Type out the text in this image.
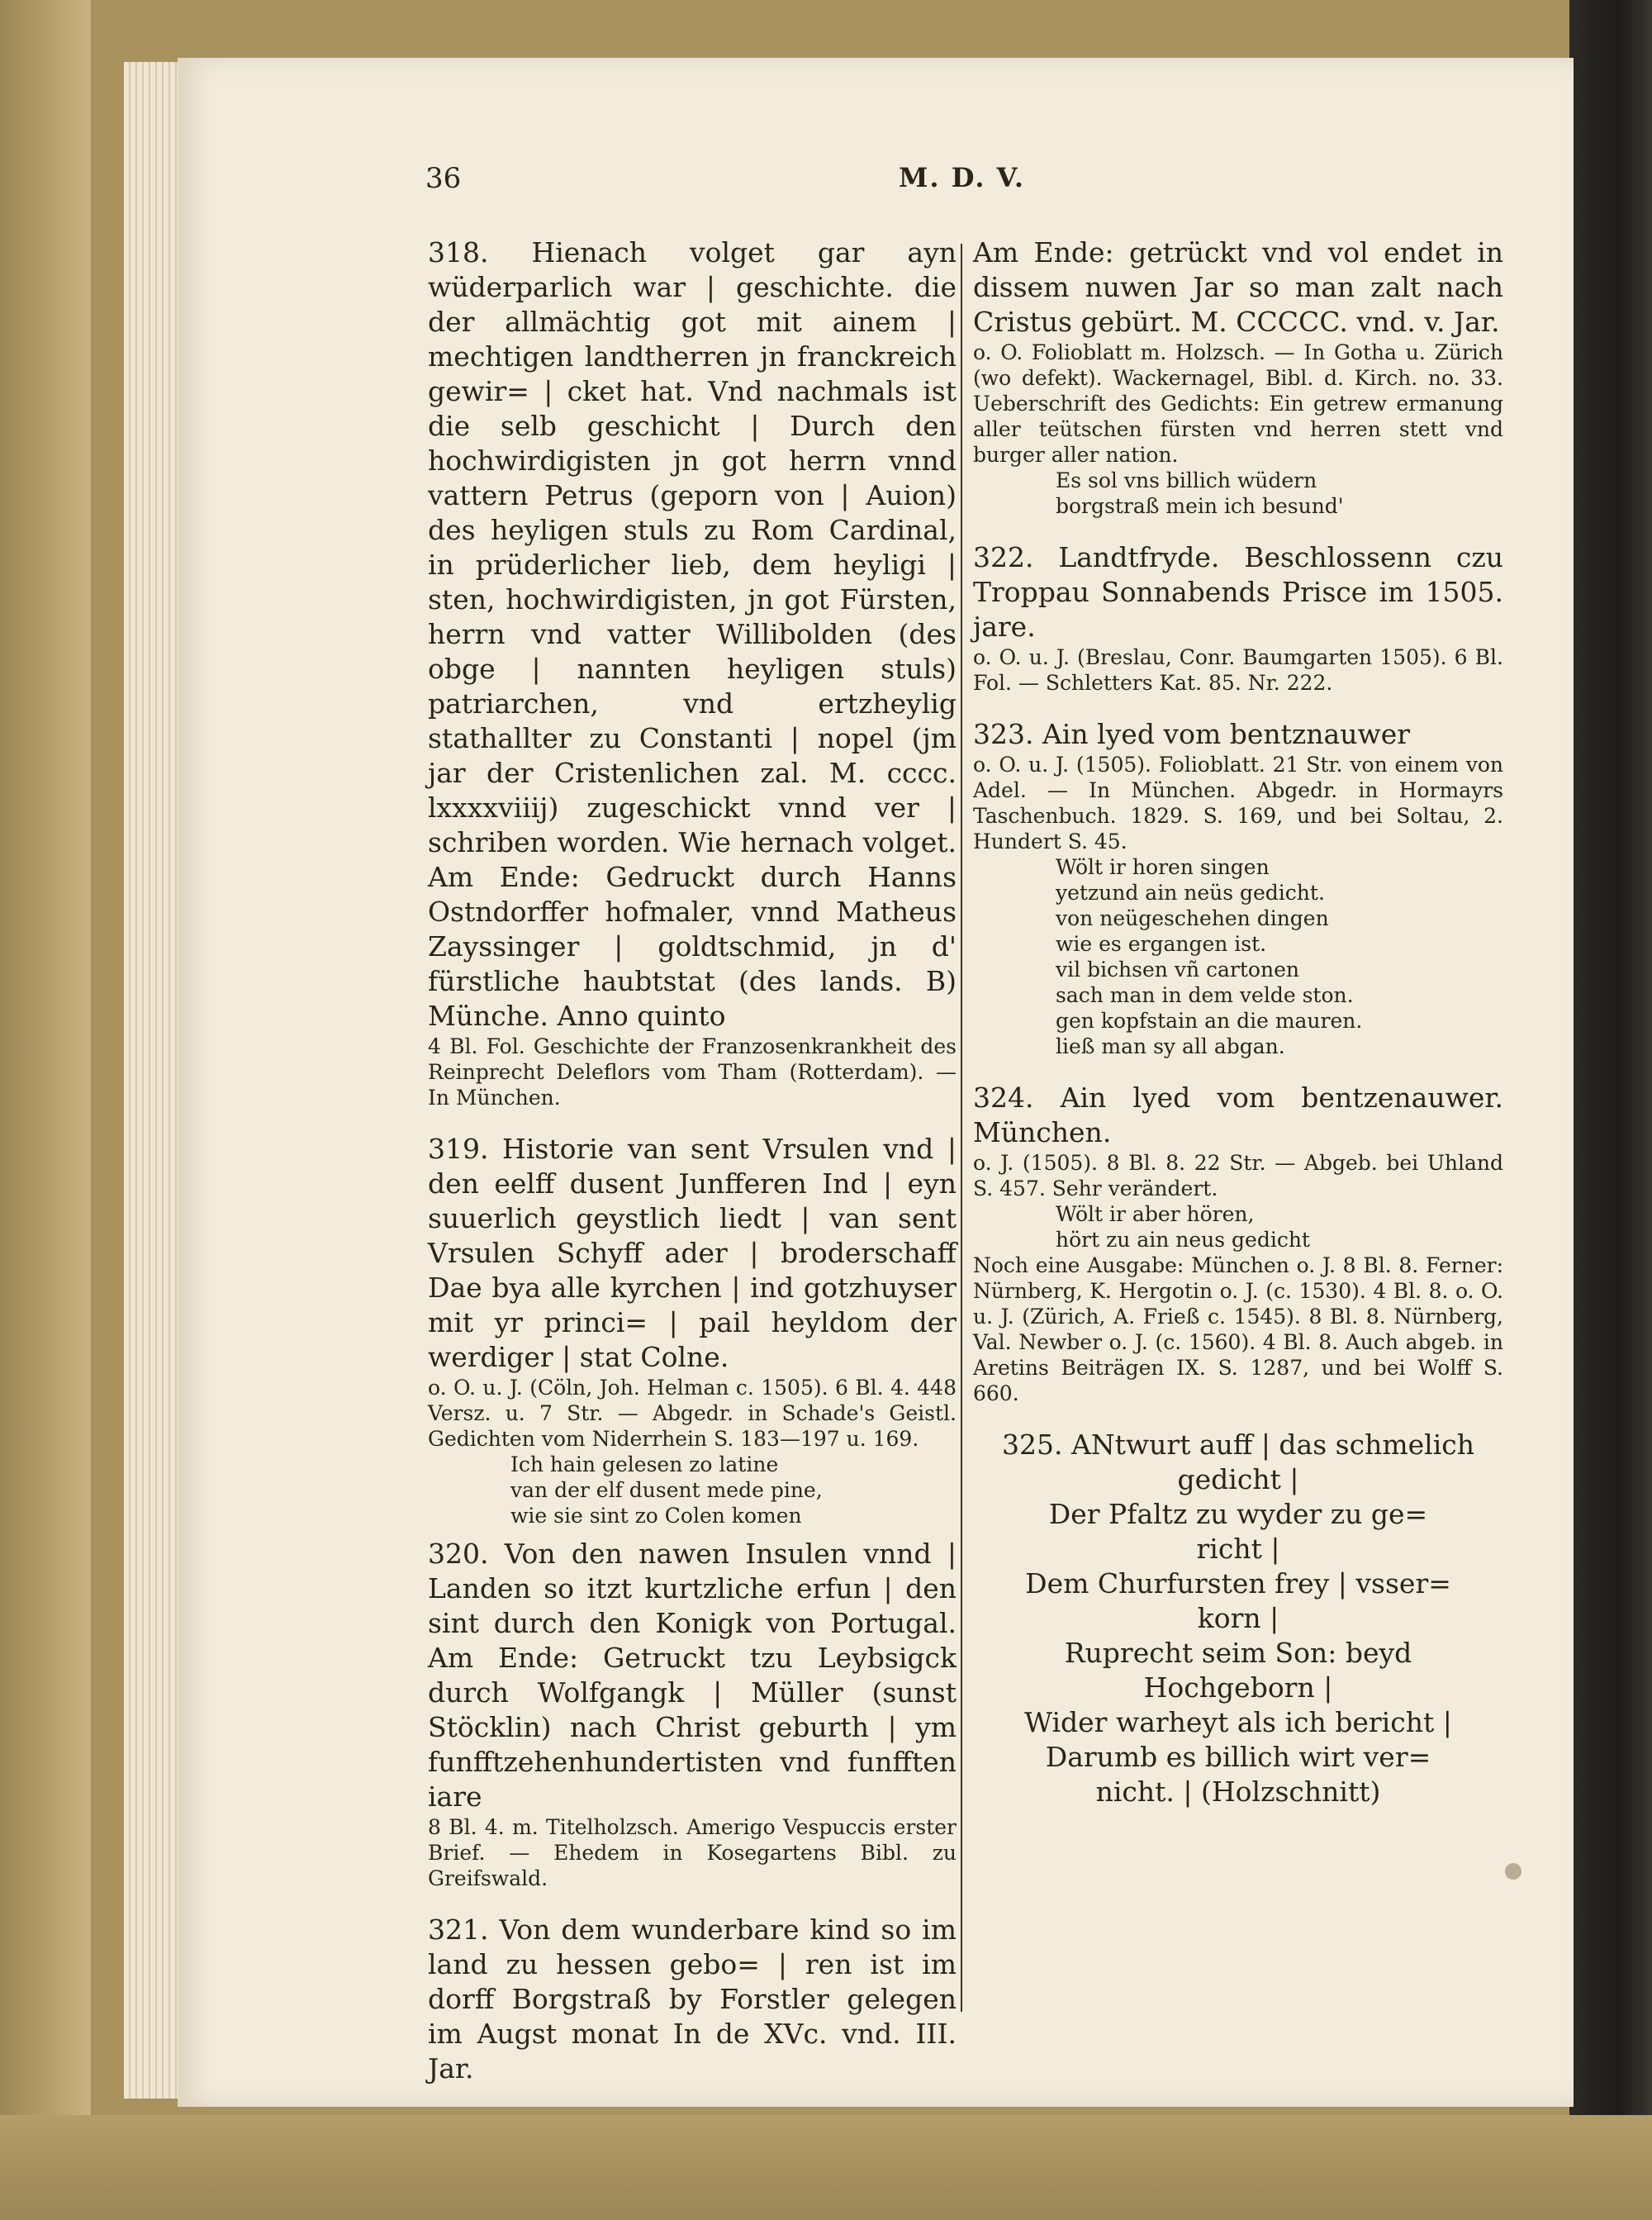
36	M. D. V.

318. Hienach volget gar ayn wüderparlich war | geschichte. die der allmächtig got mit ainem | mechtigen landtherren jn franckreich gewir= | cket hat. Vnd nachmals ist die selb geschicht | Durch den hochwirdigisten jn got herrn vnnd vattern Petrus (geporn von | Auion) des heyligen stuls zu Rom Cardinal, in prüderlicher lieb, dem heyligi | sten, hochwirdigisten, jn got Fürsten, herrn vnd vatter Willibolden (des obge | nannten heyligen stuls) patriarchen, vnd ertzheylig stathallter zu Constanti | nopel (jm jar der Cristenlichen zal. M. cccc. lxxxxviiij) zugeschickt vnnd ver | schriben worden. Wie hernach volget. Am Ende: Gedruckt durch Hanns Ostndorffer hofmaler, vnnd Matheus Zayssinger | goldtschmid, jn d' fürstliche haubtstat (des lands. B) Münche. Anno quinto

4 Bl. Fol. Geschichte der Franzosenkrankheit des Reinprecht Deleflors vom Tham (Rotterdam). — In München.

319. Historie van sent Vrsulen vnd | den eelff dusent Junfferen Ind | eyn suuerlich geystlich liedt | van sent Vrsulen Schyff ader | broderschaff Dae bya alle kyrchen | ind gotzhuyser mit yr princi= | pail heyldom der werdiger | stat Colne.

o. O. u. J. (Cöln, Joh. Helman c. 1505). 6 Bl. 4. 448 Versz. u. 7 Str. — Abgedr. in Schade's Geistl. Gedichten vom Niderrhein S. 183—197 u. 169.

Ich hain gelesen zo latine
van der elf dusent mede pine,
wie sie sint zo Colen komen

320. Von den nawen Insulen vnnd | Landen so itzt kurtzliche erfun | den sint durch den Konigk von Portugal. Am Ende: Getruckt tzu Leybsigck durch Wolfgangk | Müller (sunst Stöcklin) nach Christ geburth | ym funfftzehenhundertisten vnd funfften iare

8 Bl. 4. m. Titelholzsch. Amerigo Vespuccis erster Brief. — Ehedem in Kosegartens Bibl. zu Greifswald.

321. Von dem wunderbare kind so im land zu hessen gebo= | ren ist im dorff Borgstraß by Forstler gelegen im Augst monat In de XVc. vnd. III. Jar.

Am Ende: getrückt vnd vol endet in dissem nuwen Jar so man zalt nach Cristus gebürt. M. CCCCC. vnd. v. Jar.

o. O. Folioblatt m. Holzsch. — In Gotha u. Zürich (wo defekt). Wackernagel, Bibl. d. Kirch. no. 33. Ueberschrift des Gedichts: Ein getrew ermanung aller teütschen fürsten vnd herren stett vnd burger aller nation.

Es sol vns billich wüdern
borgstraß mein ich besund'

322. Landtfryde. Beschlossenn czu Troppau Sonnabends Prisce im 1505. jare.

o. O. u. J. (Breslau, Conr. Baumgarten 1505). 6 Bl. Fol. — Schletters Kat. 85. Nr. 222.

323. Ain lyed vom bentznauwer

o. O. u. J. (1505). Folioblatt. 21 Str. von einem von Adel. — In München. Abgedr. in Hormayrs Taschenbuch. 1829. S. 169, und bei Soltau, 2. Hundert S. 45.

Wölt ir horen singen
yetzund ain neüs gedicht.
von neügeschehen dingen
wie es ergangen ist.
vil bichsen vñ cartonen
sach man in dem velde ston.
gen kopfstain an die mauren.
ließ man sy all abgan.

324. Ain lyed vom bentzenauwer. München.

o. J. (1505). 8 Bl. 8. 22 Str. — Abgeb. bei Uhland S. 457. Sehr verändert.

Wölt ir aber hören,
hört zu ain neus gedicht

Noch eine Ausgabe: München o. J. 8 Bl. 8. Ferner: Nürnberg, K. Hergotin o. J. (c. 1530). 4 Bl. 8. o. O. u. J. (Zürich, A. Frieß c. 1545). 8 Bl. 8. Nürnberg, Val. Newber o. J. (c. 1560). 4 Bl. 8. Auch abgeb. in Aretins Beiträgen IX. S. 1287, und bei Wolff S. 660.

325. ANtwurt auff | das schmelich
gedicht |
Der Pfaltz zu wyder zu ge=
richt |
Dem Churfursten frey | vsser=
korn |
Ruprecht seim Son: beyd
Hochgeborn |
Wider warheyt als ich bericht |
Darumb es billich wirt ver=
nicht. | (Holzschnitt)
